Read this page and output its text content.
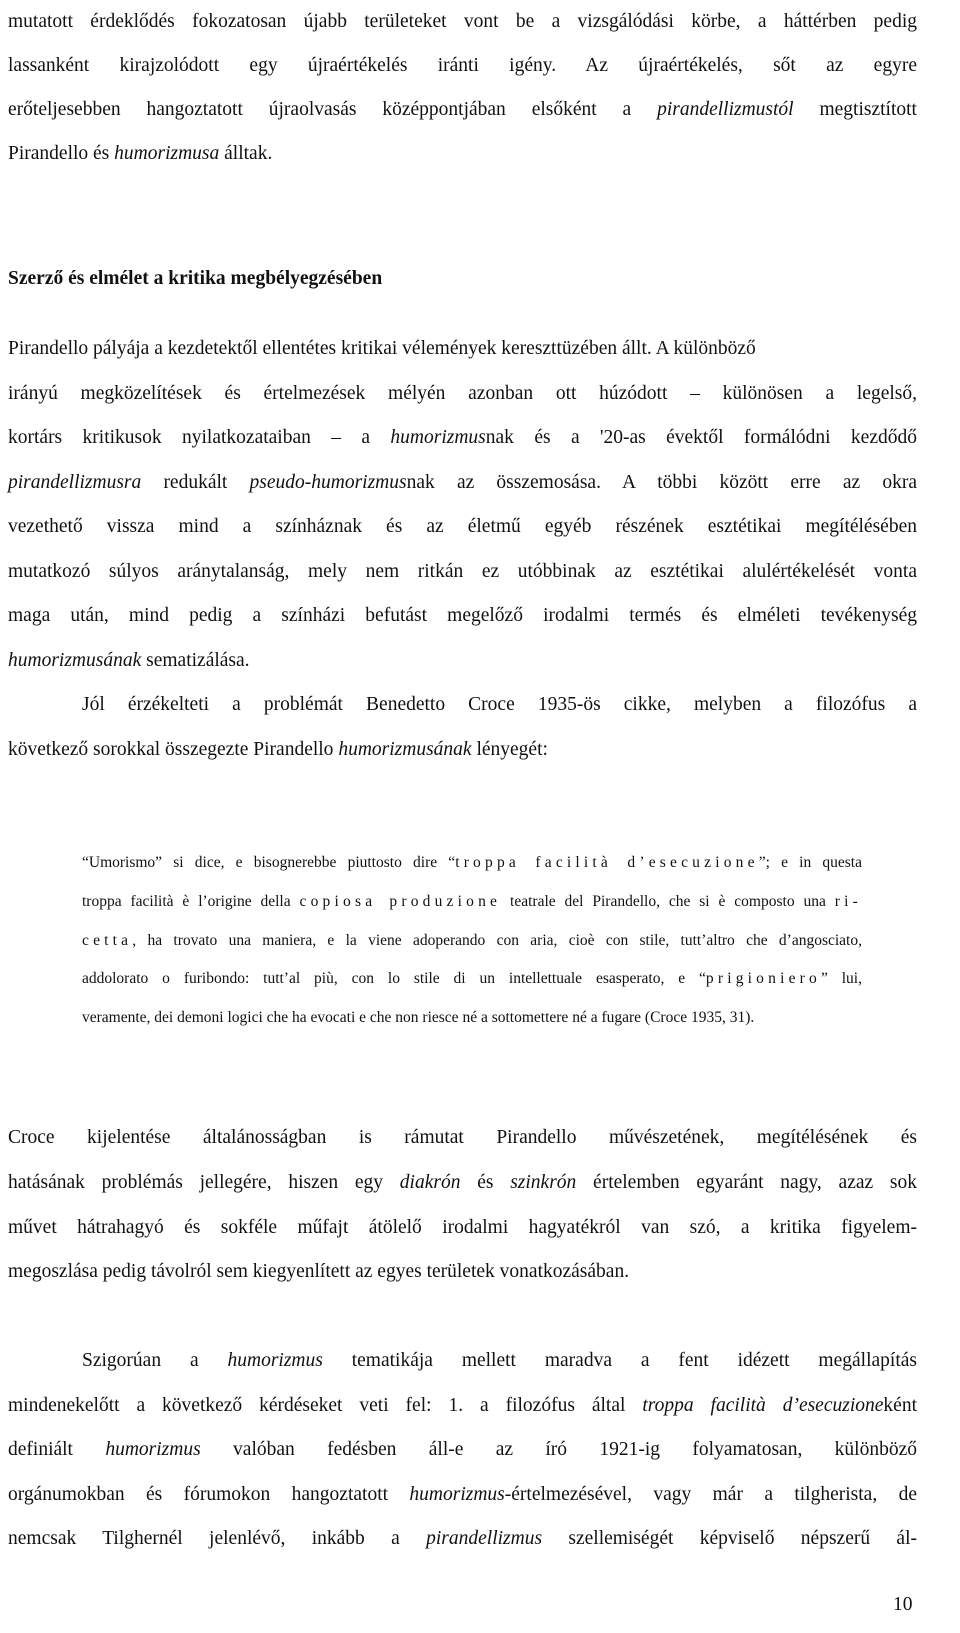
mutatott érdeklődés fokozatosan újabb területeket vont be a vizsgálódási körbe, a háttérben pedig
lassanként kirajzolódott egy újraértékelés iránti igény. Az újraértékelés, sőt az egyre
erőteljesebben hangoztatott újraolvasás középpontjában elsőként a pirandellizmustól megtisztított
Pirandello és humorizmusa álltak.
Szerző és elmélet a kritika megbélyegzésében
Pirandello pályája a kezdetektől ellentétes kritikai vélemények kereszttüzében állt. A különböző
irányú megközelítések és értelmezések mélyén azonban ott húzódott – különösen a legelső,
kortárs kritikusok nyilatkozataiban – a humorizmusnak és a '20-as évektől formálódni kezdődő
pirandellizmusra redukált pseudo-humorizmusnak az összemosása. A többi között erre az okra
vezethető vissza mind a színháznak és az életmű egyéb részének esztétikai megítélésében
mutatkozó súlyos aránytalanság, mely nem ritkán ez utóbbinak az esztétikai alulértékelését vonta
maga után, mind pedig a színházi befutást megelőző irodalmi termés és elméleti tevékenység
humorizmusának sematizálása.
Jól érzékelteti a problémát Benedetto Croce 1935-ös cikke, melyben a filozófus a
következő sorokkal összegezte Pirandello humorizmusának lényegét:
“Umorismo” si dice, e bisognerebbe piuttosto dire “troppa facilità d’esecuzione”; e in questa
troppa facilità è l’origine della copiosa produzione teatrale del Pirandello, che si è composto una ri-
cetta, ha trovato una maniera, e la viene adoperando con aria, cioè con stile, tutt’altro che d’angosciato,
addolorato o furibondo: tutt’al più, con lo stile di un intellettuale esasperato, e “prigioniero” lui,
veramente, dei demoni logici che ha evocati e che non riesce né a sottomettere né a fugare (Croce 1935, 31).
Croce kijelentése általánosságban is rámutat Pirandello művészetének, megítélésének és
hatásának problémás jellegére, hiszen egy diakrón és szinkrón értelemben egyaránt nagy, azaz sok
művet hátrahagyó és sokféle műfajt átölelő irodalmi hagyatékról van szó, a kritika figyelem-
megoszlása pedig távolról sem kiegyenlített az egyes területek vonatkozásában.
Szigorúan a humorizmus tematikája mellett maradva a fent idézett megállapítás
mindenekelőtt a következő kérdéseket veti fel: 1. a filozófus által troppa facilità d’esecuzioneként
definiált humorizmus valóban fedésben áll-e az író 1921-ig folyamatosan, különböző
orgánumokban és fórumokon hangoztatott humorizmus-értelmezésével, vagy már a tilgherista, de
nemcsak Tilghernél jelenlévő, inkább a pirandellizmus szellemiségét képviselő népszerű ál-
10
